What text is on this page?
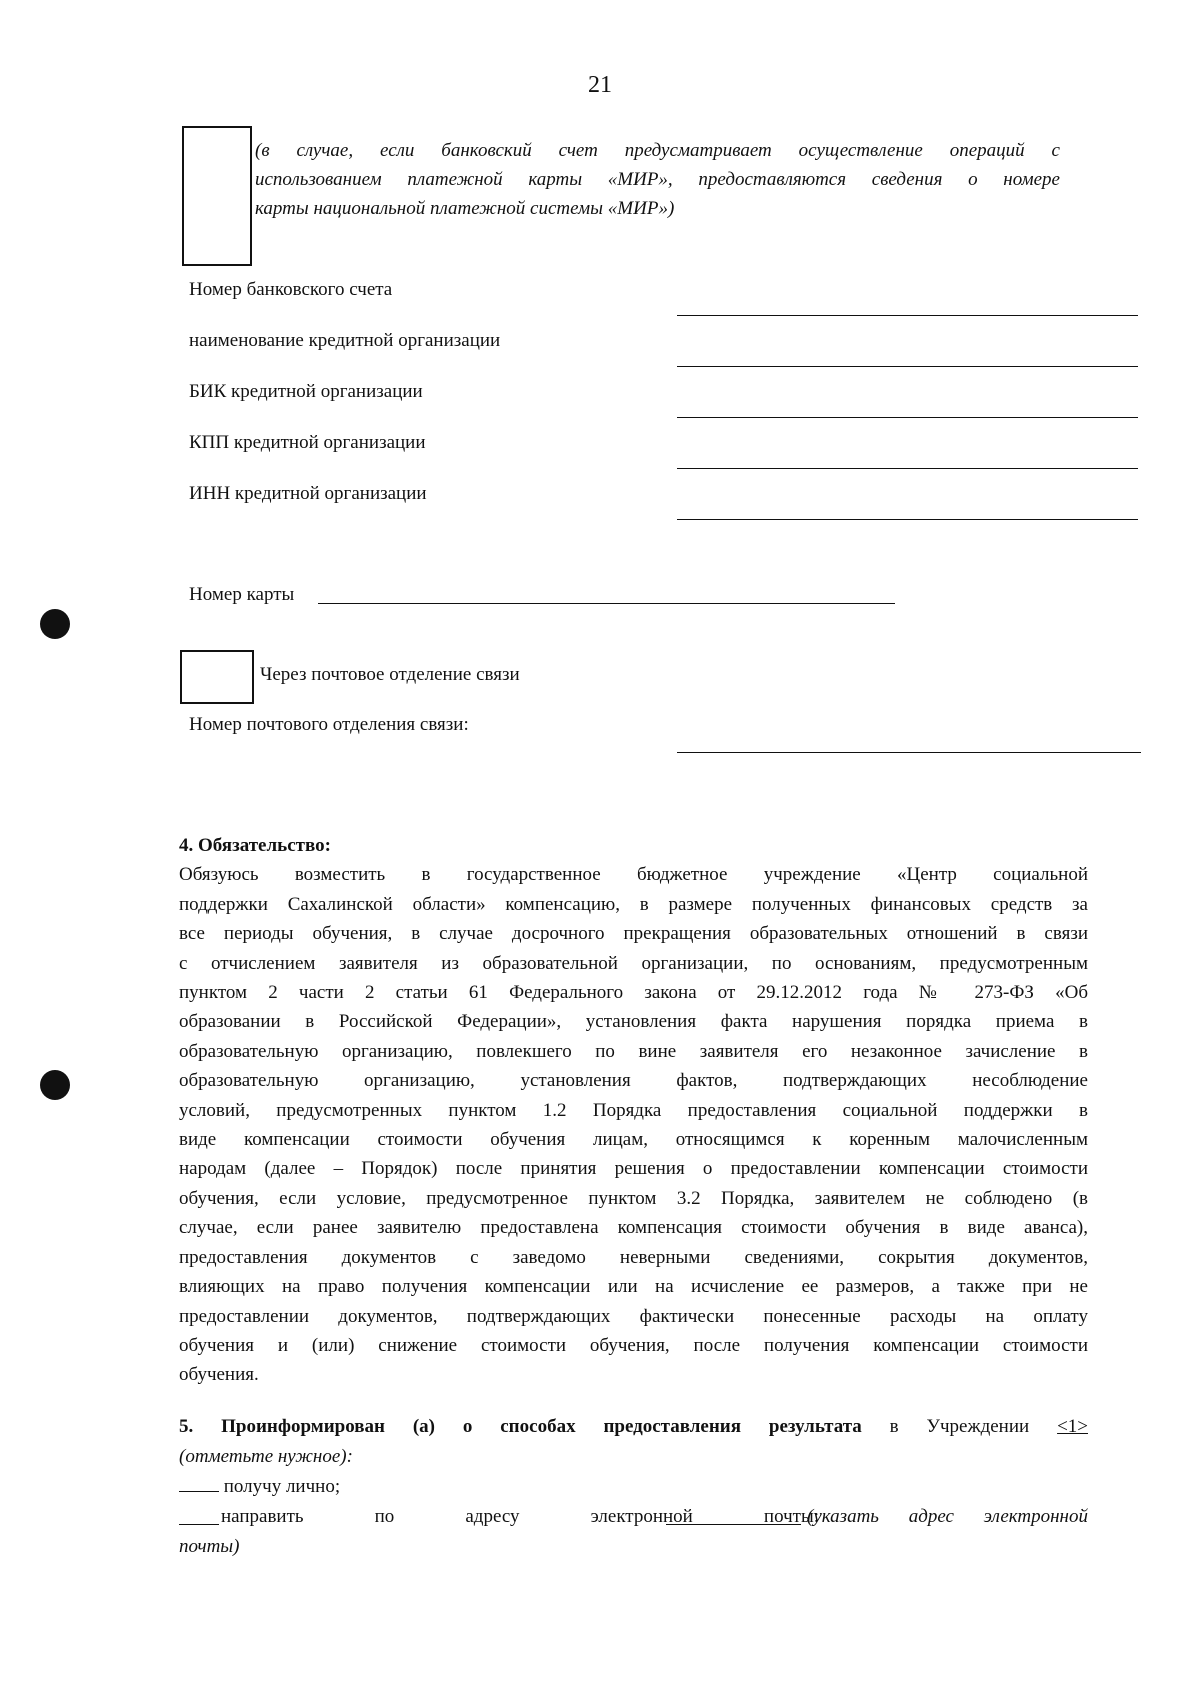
21
(в случае, если банковский счет предусматривает осуществление операций с
использованием платежной карты «МИР», предоставляются сведения о номере
карты национальной платежной системы «МИР»)
Номер банковского счета
наименование кредитной организации
БИК кредитной организации
КПП кредитной организации
ИНН кредитной организации
Номер карты
Через почтовое отделение связи
Номер почтового отделения связи:
4. Обязательство:
Обязуюсь возместить в государственное бюджетное учреждение «Центр социальной
поддержки Сахалинской области» компенсацию, в размере полученных финансовых средств за
все периоды обучения, в случае досрочного прекращения образовательных отношений в связи
с отчислением заявителя из образовательной организации, по основаниям, предусмотренным
пунктом 2 части 2 статьи 61 Федерального закона от 29.12.2012 года № 273-ФЗ «Об
образовании в Российской Федерации», установления факта нарушения порядка приема в
образовательную организацию, повлекшего по вине заявителя его незаконное зачисление в
образовательную организацию, установления фактов, подтверждающих несоблюдение
условий, предусмотренных пунктом 1.2 Порядка предоставления социальной поддержки в
виде компенсации стоимости обучения лицам, относящимся к коренным малочисленным
народам (далее – Порядок) после принятия решения о предоставлении компенсации стоимости
обучения, если условие, предусмотренное пунктом 3.2 Порядка, заявителем не соблюдено (в
случае, если ранее заявителю предоставлена компенсация стоимости обучения в виде аванса),
предоставления документов с заведомо неверными сведениями, сокрытия документов,
влияющих на право получения компенсации или на исчисление ее размеров, а также при не
предоставлении документов, подтверждающих фактически понесенные расходы на оплату
обучения и (или) снижение стоимости обучения, после получения компенсации стоимости
обучения.
5. Проинформирован (а) о способах предоставления результата в Учреждении <1>
(отметьте нужное):
получу лично;
направить по адресу электронной почты:
(указать адрес электронной
почты)
